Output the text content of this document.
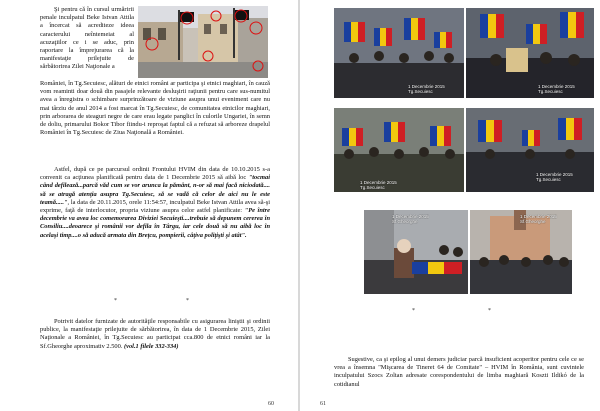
Şi pentru că în cursul urmăririi penale inculpatul Beke Istvan Attila a încercat să acrediteze ideea caracterului neîntemeiat al acuzaţiilor ce i se aduc, prin raportare la împrejurarea că la manifestaţie prilejuite de sărbătorirea Zilei Naţionale a
României, în Tg.Secuiesc, alături de etnici români ar participa şi etnici maghiari, în cauză vom reaminti doar două din pasajele relevante desluşirii raţiunii pentru care sus-numitul avea a înregistra o schimbare surprinzătoare de viziune asupra unui eveniment care nu mai târziu de anul 2014 a fost marcat în Tg.Secuiesc, de comunitatea etnicilor maghiari, prin arborarea de steaguri negre de care erau legate panglici în culorile Ungariei, în semn de doliu, primarului Bokor Tibor fiindu-i reproşat faptul că a refuzat să arboreze drapelul României în Tg.Secuiesc de Ziua Naţională a României.
Astfel, după ce pe parcursul ordinii Frontului HVIM din data de 10.10.2015 s-a convenit ca acţiunea planificată pentru data de 1 Decembrie 2015 să aibă loc "tocmai când defilează...parcă văd cum se vor arunca la pământ, n-or să mai facă niciodată.... să se atragă atenţia asupra Tg.Secuiesc, să se vadă că celor de aici nu le este teamă.....", la data de 20.11.2015, orele 11:54:57, inculpatul Beke Istvan Attila avea să-şi exprime, faţă de interlocutor, propria viziune asupra celor astfel planificate: "Pe între decembrie va avea loc comemorarea Diviziei Secuieşti....trebuie să depunem cererea în Consiliu....deoarece şi românii vor defila în Târgu, iar cele două să nu aibă loc în acelaşi timp....o să aducă armata din Breţcu, pompierii, câţiva poliţişti şi atât".
*	*
Potrivit datelor furnizate de autorităţile responsabile cu asigurarea liniştii şi ordinii publice, la manifestaţie prilejuite de sărbătorirea, în data de 1 Decembrie 2015, Zilei Naţionale a României, în Tg.Secuiesc au participat cca.800 de etnici români iar la Sf.Gheorghe aproximativ 2.500. (vol.1 filele 332-334)
60
1 Decembrie 2015
Tg.Secuiesc
1 Decembrie 2015
Tg.Secuiesc
1 Decembrie 2015
Tg.Secuiesc
1 Decembrie 2015
Tg.Secuiesc
1 Decembrie 2015
Sf.Gheorghe
1 Decembrie 2015
Sf.Gheorghe
*	*
Sugestive, ca şi epilog al unui demers judiciar parcă insuficient acoperitor pentru cele ce se vrea a însemna "Mişcarea de Tineret 64 de Comitate" – HVIM în România, sunt cuvintele inculpatului Szocs Zoltan adresate corespondentului de limba maghiară Koszti Ildikó de la cotidianul
61
